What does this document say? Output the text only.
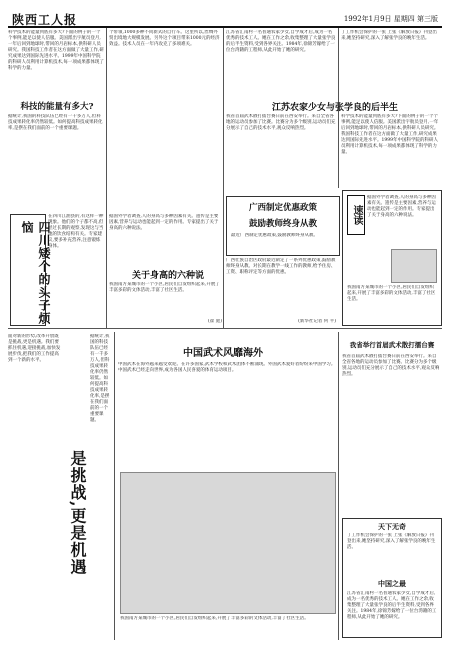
陕西工人报	1992年1月9日 星期四 第三版
科学技术的能量到底有多大?下面的例子的一个个事例,能足以使人信服。美国派出宇航员登月,一年后回到地球时,带回的月岩标本,供科研人员研究。我国科技工作者在这方面做了大量工作,研究成果达到国际先进水平。1999年中国科学院的科研人员利用计算机技术,每一项成果都体现了科学的力量。
科技的能量有多大?
据统计,我国的科技队伍已经有一千多万人,但科技成果转化率仍然较低。如何提高科技成果转化率,是摆在我们面前的一个重要课题。
四川矮个的头子烦恼
在四川江油县的,有这样一种现象。他们的个子都不高,但经过长期的观察,发现这与当地的饮食结构有关。专家建议,要多补充营养,注意锻炼身体。
个带领,1000多种不同新式的自行车。这里所以,丝绸外贸出境地大规模发展。另外这个项目带来1000元的经济效益。技术人员在一年内攻克了多项难关。
据国外学者调查,人的身高与多种因素有关。遗传是主要因素,营养与运动也能起到一定的作用。专家提出了关于身高的六种说法。
关于身高的六种说
我国南方某城市的一个小区,居民们自发组织起来,开展了丰富多彩的文体活动,丰富了社区生活。
(翟 庭)
江苏省汇南村一名普通农家少女,自学成才后,成为一名优秀的技术工人。她在工作之余,收集整理了大量张学良的后半生资料,受到各界关注。1984年,徐锦芳嫁给了一位台湾籍的工程师,从此开始了她的研究。
丁工作机会保护的一张 上张《解放日报》刊登出来,她坚持研究,深入了解张学良的晚年生活。
江苏农家少女与张学良的后半生
我省首届武术散打擂台赛日前在西安举行。来自全省各地的运动员参加了比赛。比赛分为多个级别,运动员们充分展示了自己的技术水平,观众反响热烈。
科学技术的能量到底有多大?下面的例子的一个个事例,能足以使人信服。美国派出宇航员登月,一年后回到地球时,带回的月岩标本,供科研人员研究。我国科技工作者在这方面做了大量工作,研究成果达到国际先进水平。1999年中国科学院的科研人员利用计算机技术,每一项成果都体现了科学的力量。
广西制定优惠政策
鼓励教师终身从教
最近广西制定优惠政策,鼓励教师终身从教。
广西壮族自治区政府最近制定了一系列优惠政策,鼓励教师终身从教。对长期在教学一线工作的教师,给予住房、工资、职称评定等方面的优惠。
(新华社记者 何 平)
速读
据国外学者调查,人的身高与多种因素有关。遗传是主要因素,营养与运动也能起到一定的作用。专家提出了关于身高的六种说法。
我国南方某城市的一个小区,居民们自发组织起来,开展了丰富多彩的文体活动,丰富了社区生活。
面对新的形势,改革开放既是挑战,更是机遇。我们要抓住机遇,迎接挑战,加快发展步伐,把我们的工作提高到一个新的水平。
是挑战,更是机遇
据统计,我国的科技队伍已经有一千多万人,但科技成果转化率仍然较低。如何提高科技成果转化率,是摆在我们面前的一个重要课题。
中国武术风靡海外
中国武术在海外越来越受欢迎。在许多国家,武术学校和武术团体不断涌现。外国武术爱好者纷纷来中国学习。中国武术已经走向世界,成为各国人民喜爱的体育运动项目。
我国南方某城市的一个小区,居民们自发组织起来,开展了丰富多彩的文体活动,丰富了社区生活。
我省举行首届武术散打擂台赛
我省首届武术散打擂台赛日前在西安举行。来自全省各地的运动员参加了比赛。比赛分为多个级别,运动员们充分展示了自己的技术水平,观众反响热烈。
天下无奇
丁工作机会保护的一张 上张《解放日报》刊登出来,她坚持研究,深入了解张学良的晚年生活。
中国之最
江苏省汇南村一名普通农家少女,自学成才后,成为一名优秀的技术工人。她在工作之余,收集整理了大量张学良的后半生资料,受到各界关注。1984年,徐锦芳嫁给了一位台湾籍的工程师,从此开始了她的研究。
